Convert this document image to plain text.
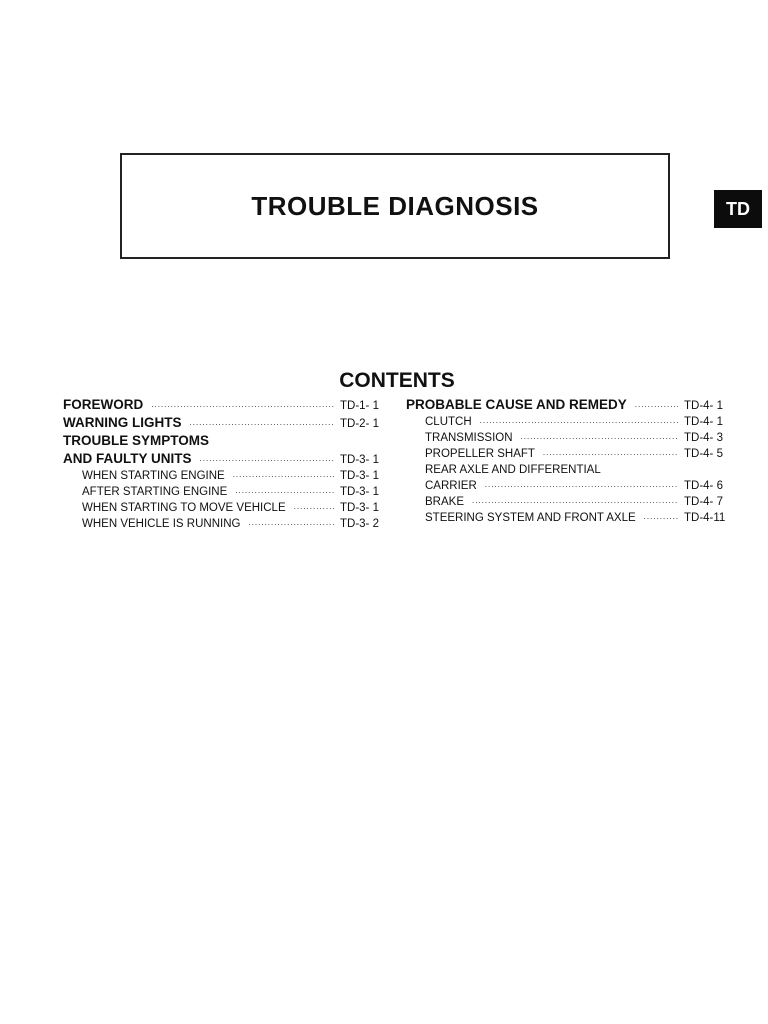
TROUBLE DIAGNOSIS	TD
CONTENTS
FOREWORD .....	TD-1- 1
WARNING LIGHTS .....	TD-2- 1
TROUBLE SYMPTOMS
AND FAULTY UNITS .....	TD-3- 1
WHEN STARTING ENGINE .....	TD-3- 1
AFTER STARTING ENGINE .....	TD-3- 1
WHEN STARTING TO MOVE VEHICLE .....	TD-3- 1
WHEN VEHICLE IS RUNNING .....	TD-3- 2
PROBABLE CAUSE AND REMEDY .....	TD-4- 1
CLUTCH .....	TD-4- 1
TRANSMISSION .....	TD-4- 3
PROPELLER SHAFT .....	TD-4- 5
REAR AXLE AND DIFFERENTIAL
CARRIER .....	TD-4- 6
BRAKE .....	TD-4- 7
STEERING SYSTEM AND FRONT AXLE .....	TD-4-11
